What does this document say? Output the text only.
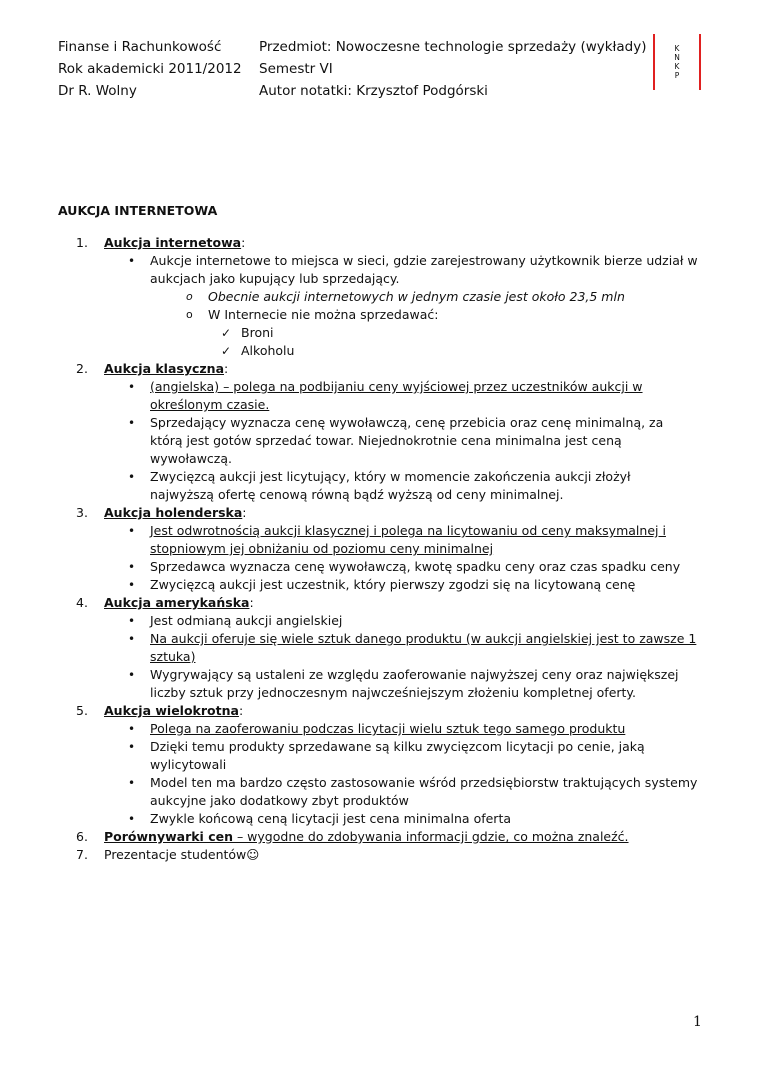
Finanse i Rachunkowość
Rok akademicki 2011/2012
Dr R. Wolny
Przedmiot: Nowoczesne technologie sprzedaży (wykłady)
Semestr VI
Autor notatki: Krzysztof Podgórski
K
N
K
P
AUKCJA INTERNETOWA
1.	Aukcja internetowa:
• Aukcje internetowe to miejsca w sieci, gdzie zarejestrowany użytkownik bierze udział w aukcjach jako kupujący lub sprzedający.
o Obecnie aukcji internetowych w jednym czasie jest około 23,5 mln
o W Internecie nie można sprzedawać:
✓ Broni
✓ Alkoholu
2.	Aukcja klasyczna:
• (angielska) – polega na podbijaniu ceny wyjściowej przez uczestników aukcji w określonym czasie.
• Sprzedający wyznacza cenę wywoławczą, cenę przebicia oraz cenę minimalną, za którą jest gotów sprzedać towar. Niejednokrotnie cena minimalna jest ceną wywoławczą.
• Zwycięzcą aukcji jest licytujący, który w momencie zakończenia aukcji złożył najwyższą ofertę cenową równą bądź wyższą od ceny minimalnej.
3.	Aukcja holenderska:
• Jest odwrotnością aukcji klasycznej i polega na licytowaniu od ceny maksymalnej i stopniowym jej obniżaniu od poziomu ceny minimalnej
• Sprzedawca wyznacza cenę wywoławczą, kwotę spadku ceny oraz czas spadku ceny
• Zwycięzcą aukcji jest uczestnik, który pierwszy zgodzi się na licytowaną cenę
4.	Aukcja amerykańska:
• Jest odmianą aukcji angielskiej
• Na aukcji oferuje się wiele sztuk danego produktu (w aukcji angielskiej jest to zawsze 1 sztuka)
• Wygrywający są ustaleni ze względu zaoferowanie najwyższej ceny oraz największej liczby sztuk przy jednoczesnym najwcześniejszym złożeniu kompletnej oferty.
5.	Aukcja wielokrotna:
• Polega na zaoferowaniu podczas licytacji wielu sztuk tego samego produktu
• Dzięki temu produkty sprzedawane są kilku zwycięzcom licytacji po cenie, jaką wylicytowali
• Model ten ma bardzo często zastosowanie wśród przedsiębiorstw traktujących systemy aukcyjne jako dodatkowy zbyt produktów
• Zwykle końcową ceną licytacji jest cena minimalna oferta
6.	Porównywarki cen – wygodne do zdobywania informacji gdzie, co można znaleźć.
7.	Prezentacje studentów☺
1
